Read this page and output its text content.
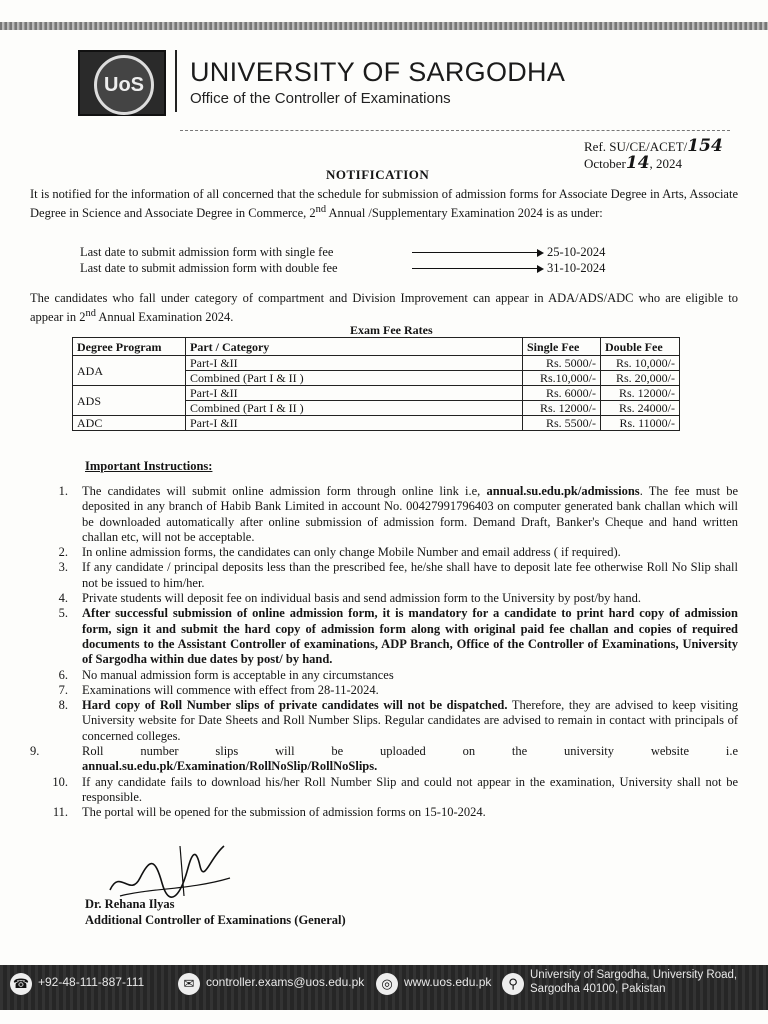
UoS UNIVERSITY OF SARGODHA
Office of the Controller of Examinations
Ref. SU/CE/ACET/154
October14, 2024
NOTIFICATION

It is notified for the information of all concerned that the schedule for submission of admission forms for Associate Degree in Arts, Associate Degree in Science and Associate Degree in Commerce, 2nd Annual /Supplementary Examination 2024 is as under:

Last date to submit admission form with single fee	25-10-2024
Last date to submit admission form with double fee	31-10-2024

The candidates who fall under category of compartment and Division Improvement can appear in ADA/ADS/ADC who are eligible to appear in 2nd Annual Examination 2024.

Exam Fee Rates
Degree Program	Part / Category	Single Fee	Double Fee
ADA	Part-I &II	Rs. 5000/-	Rs. 10,000/-
	Combined (Part I & II )	Rs.10,000/-	Rs. 20,000/-
ADS	Part-I &II	Rs. 6000/-	Rs. 12000/-
	Combined (Part I & II )	Rs. 12000/-	Rs. 24000/-
ADC	Part-I &II	Rs. 5500/-	Rs. 11000/-
Important Instructions:
1. The candidates will submit online admission form through online link i.e, annual.su.edu.pk/admissions. The fee must be deposited in any branch of Habib Bank Limited in account No. 00427991796403 on computer generated bank challan which will be downloaded automatically after online submission of admission form. Demand Draft, Banker's Cheque and hand written challan etc, will not be acceptable.
2. In online admission forms, the candidates can only change Mobile Number and email address ( if required).
3. If any candidate / principal deposits less than the prescribed fee, he/she shall have to deposit late fee otherwise Roll No Slip shall not be issued to him/her.
4. Private students will deposit fee on individual basis and send admission form to the University by post/by hand.
5. After successful submission of online admission form, it is mandatory for a candidate to print hard copy of admission form, sign it and submit the hard copy of admission form along with original paid fee challan and copies of required documents to the Assistant Controller of examinations, ADP Branch, Office of the Controller of Examinations, University of Sargodha within due dates by post/ by hand.
6. No manual admission form is acceptable in any circumstances
7. Examinations will commence with effect from 28-11-2024.
8. Hard copy of Roll Number slips of private candidates will not be dispatched. Therefore, they are advised to keep visiting University website for Date Sheets and Roll Number Slips. Regular candidates are advised to remain in contact with principals of concerned colleges.
9.	Roll number slips will be uploaded on the university website i.e
annual.su.edu.pk/Examination/RollNoSlip/RollNoSlips.
10. If any candidate fails to download his/her Roll Number Slip and could not appear in the examination, University shall not be responsible.
11. The portal will be opened for the submission of admission forms on 15-10-2024.
Dr. Rehana Ilyas
Additional Controller of Examinations (General)
☎ +92-48-111-887-111	✉ controller.exams@uos.edu.pk	◎ www.uos.edu.pk	⚲
University of Sargodha, University Road,
Sargodha 40100, Pakistan
